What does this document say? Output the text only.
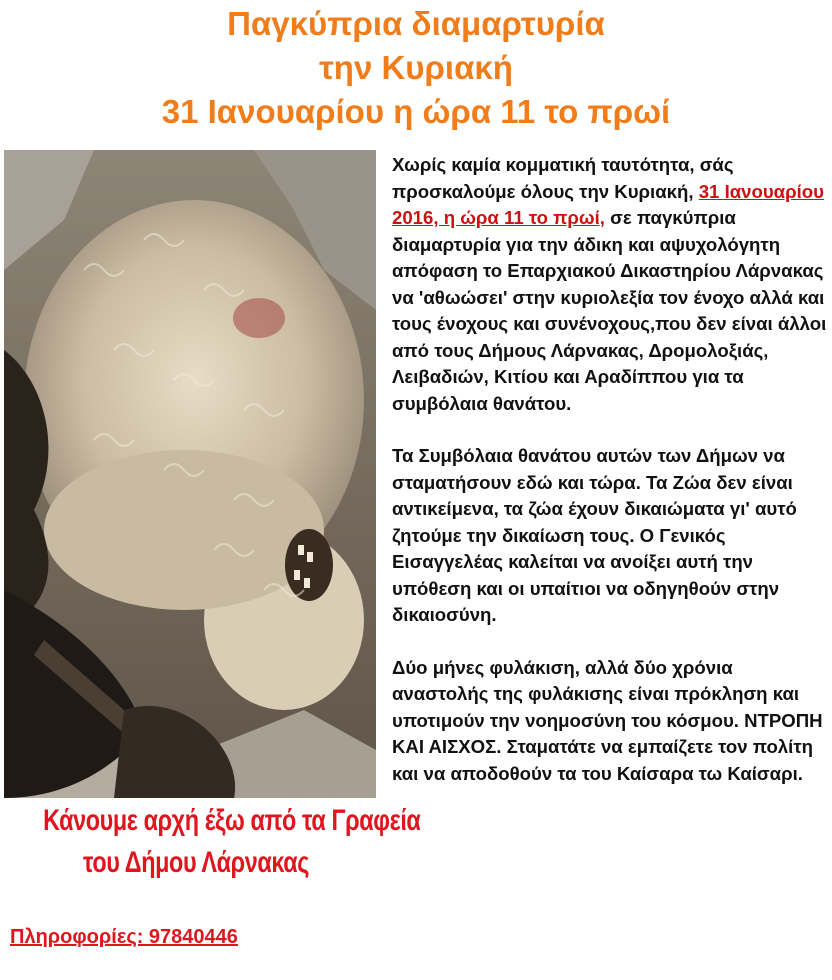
Παγκύπρια διαμαρτυρία
την Κυριακή
31 Ιανουαρίου η ώρα 11 το πρωί

Χωρίς καμία κομματική ταυτότητα, σάς προσκαλούμε όλους την Κυριακή, 31 Ιανουαρίου 2016, η ώρα 11 το πρωί, σε παγκύπρια διαμαρτυρία για την άδικη και αψυχολόγητη απόφαση το Επαρχιακού Δικαστηρίου Λάρνακας να 'αθωώσει' στην κυριολεξία τον ένοχο αλλά και τους ένοχους και συνένοχους,που δεν είναι άλλοι από τους Δήμους Λάρνακας, Δρομολοξιάς, Λειβαδιών, Κιτίου και Αραδίππου για τα συμβόλαια θανάτου.

Τα Συμβόλαια θανάτου αυτών των Δήμων να σταματήσουν εδώ και τώρα. Τα Ζώα δεν είναι αντικείμενα, τα ζώα έχουν δικαιώματα γι' αυτό ζητούμε την δικαίωση τους. Ο Γενικός Εισαγγελέας καλείται να ανοίξει αυτή την υπόθεση και οι υπαίτιοι να οδηγηθούν στην δικαιοσύνη.

Δύο μήνες φυλάκιση, αλλά δύο χρόνια αναστολής της φυλάκισης είναι πρόκληση και υποτιμούν την νοημοσύνη του κόσμου. ΝΤΡΟΠΗ ΚΑΙ ΑΙΣΧΟΣ. Σταματάτε να εμπαίζετε τον πολίτη και να αποδοθούν τα του Καίσαρα τω Καίσαρι.

Κάνουμε αρχή έξω από τα Γραφεία
του Δήμου Λάρνακας
Πληροφορίες: 97840446
